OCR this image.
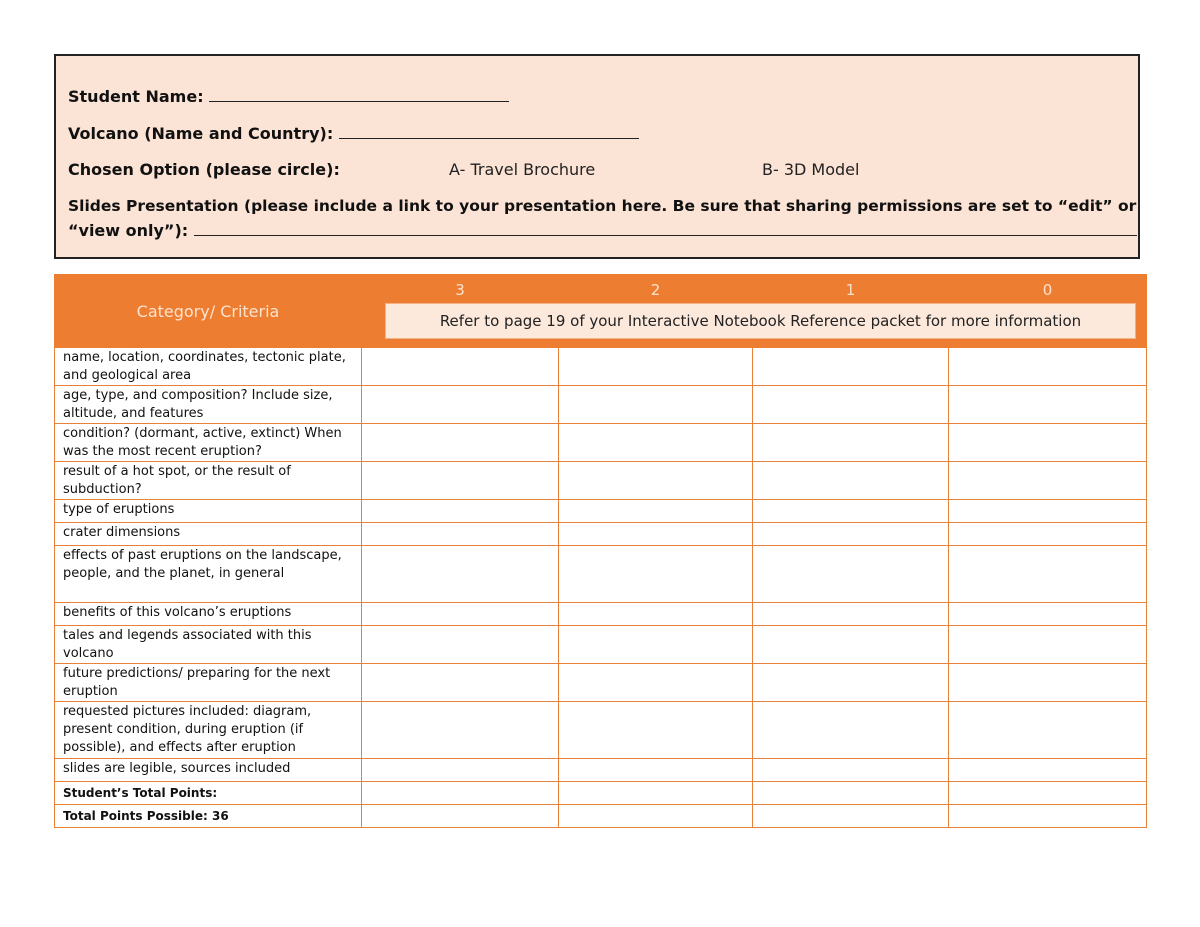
Student Name:
Volcano (Name and Country):
Chosen Option (please circle):	A- Travel Brochure	B- 3D Model
Slides Presentation (please include a link to your presentation here. Be sure that sharing permissions are set to “edit” or
“view only”):
Category/ Criteria	3	2	1	0

	Refer to page 19 of your Interactive Notebook Reference packet for more information			

name, location, coordinates, tectonic plate, and geological area				
age, type, and composition? Include size, altitude, and features				
condition? (dormant, active, extinct) When was the most recent eruption?				
result of a hot spot, or the result of subduction?				
type of eruptions				
crater dimensions				
effects of past eruptions on the landscape, people, and the planet, in general				
benefits of this volcano’s eruptions				
tales and legends associated with this volcano				
future predictions/ preparing for the next eruption				
requested pictures included: diagram, present condition, during eruption (if possible), and effects after eruption				
slides are legible, sources included				
Student’s Total Points:				
Total Points Possible: 36				
